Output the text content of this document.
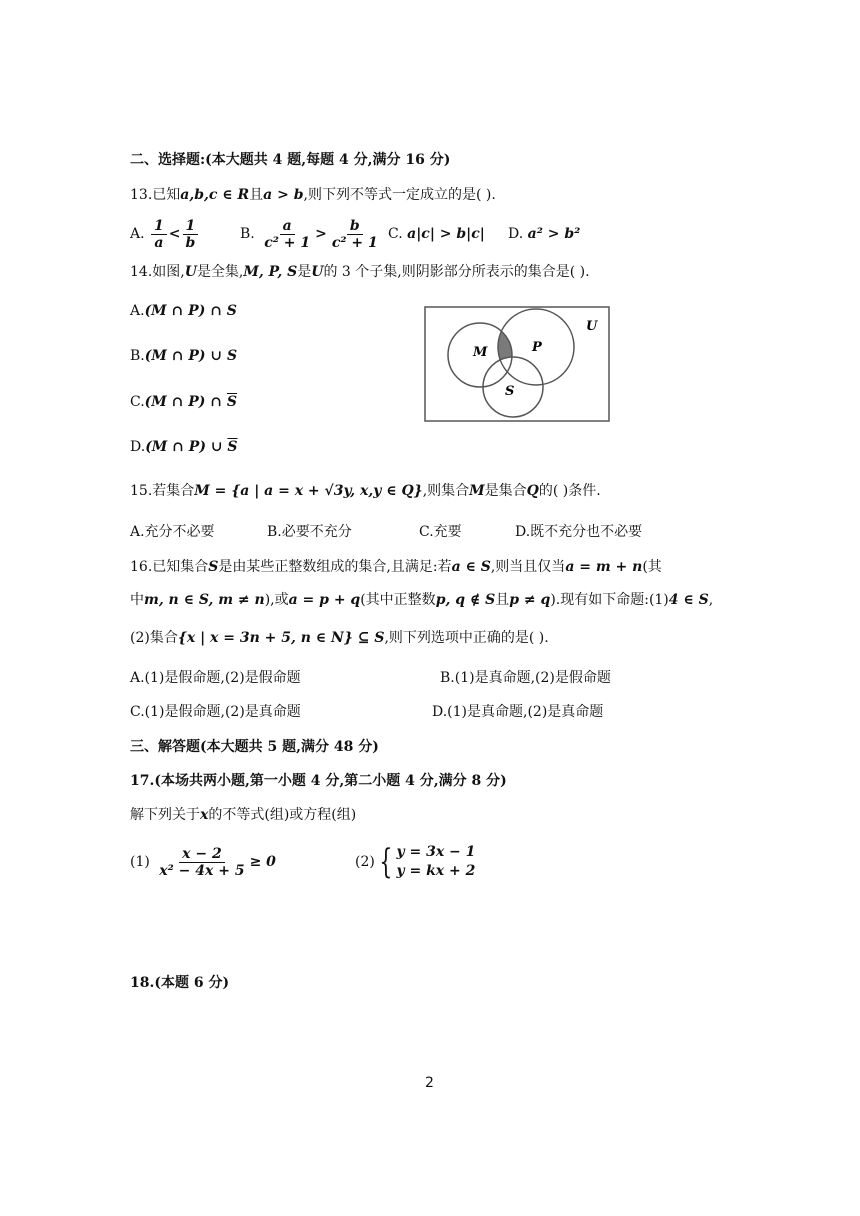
二、选择题:(本大题共 4 题,每题 4 分,满分 16 分)
13.已知a,b,c ∈ R且a > b,则下列不等式一定成立的是( ).
A. $\frac{1}{a} < \frac{1}{b}$	B. $\frac{a}{\text{c² + 1}} > \frac{b}{\text{c² + 1}} C$. a|c| > b|c| D. a² > b²
14.如图,U是全集,M, P, S是U的 3 个子集,则阴影部分所表示的集合是( ).
A.(M ∩ P) ∩ S
B.(M ∩ P) ∪ S
C.(M ∩ P) ∩ $\overline{S}$
D.(M ∩ P) ∪ $\overline{S}$
U
M	P
S
15.若集合M = {a | a = x + √3y, x,y ∈ Q},则集合M是集合Q的( )条件.
A.充分不必要	B.必要不充分	C.充要	D.既不充分也不必要
16.已知集合S是由某些正整数组成的集合,且满足:若a ∈ S,则当且仅当a = m + n(其
中m, n ∈ S, m ≠ n),或a = p + q(其中正整数p, q ∉ S且p ≠ q).现有如下命题:(1)4 ∈ S,
(2)集合{x | x = 3n + 5, n ∈ N} ⊆ S,则下列选项中正确的是( ).
A.(1)是假命题,(2)是假命题	B.(1)是真命题,(2)是假命题
C.(1)是假命题,(2)是真命题	D.(1)是真命题,(2)是真命题
三、解答题(本大题共 5 题,满分 48 分)
17.(本场共两小题,第一小题 4 分,第二小题 4 分,满分 8 分)
解下列关于x的不等式(组)或方程(组)
$(1) \frac{x - 2}{\text{x² − 4x + 5}} \ge 0$	(2) { y = 3x − 1
y = kx + 2
18.(本题 6 分)
2
